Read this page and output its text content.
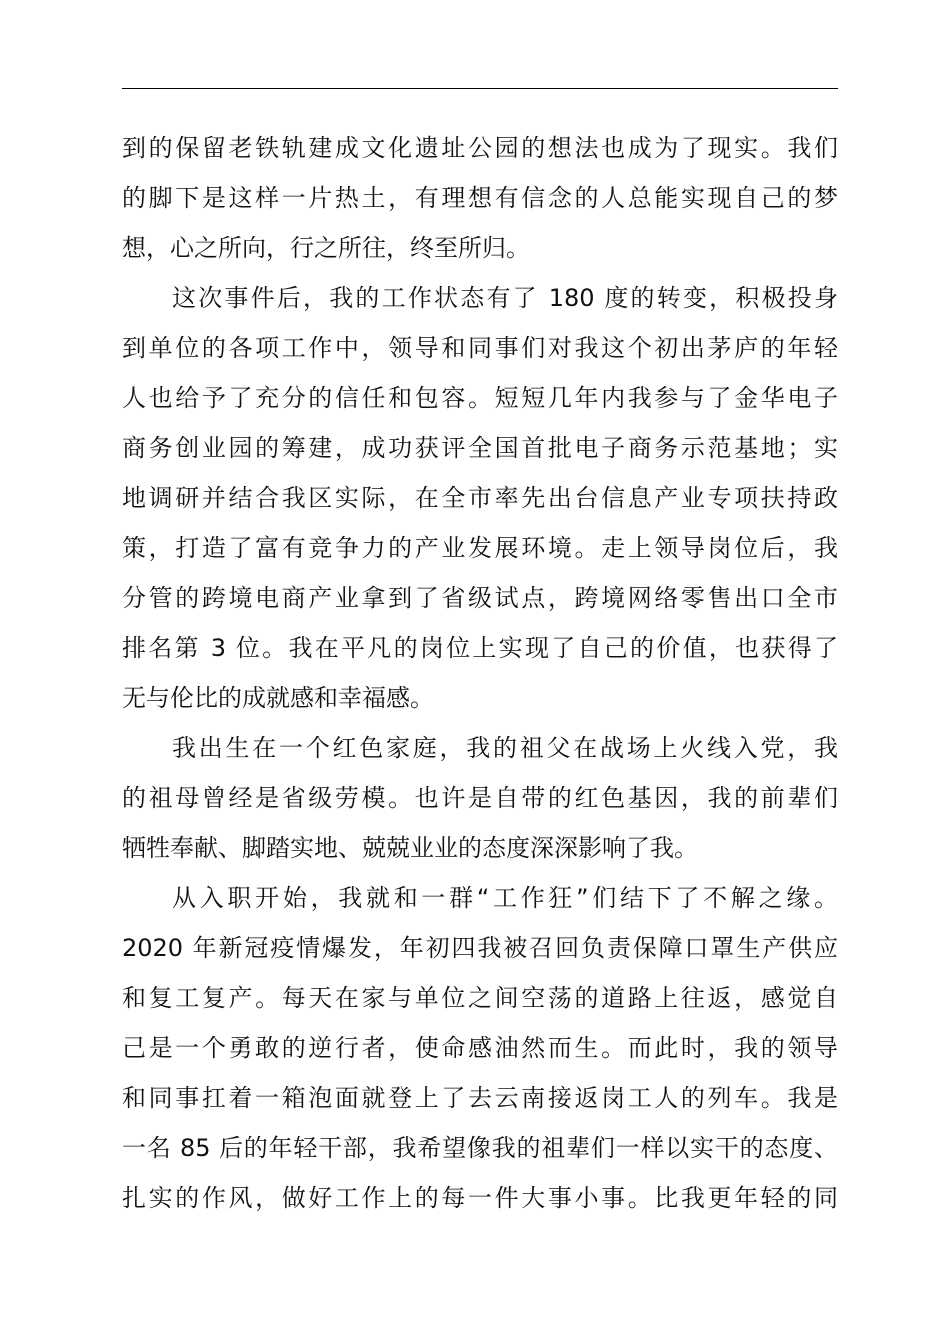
到的保留老铁轨建成文化遗址公园的想法也成为了现实。我们
的脚下是这样一片热土，有理想有信念的人总能实现自己的梦
想，心之所向，行之所往，终至所归。
这次事件后，我的工作状态有了 180 度的转变，积极投身
到单位的各项工作中，领导和同事们对我这个初出茅庐的年轻
人也给予了充分的信任和包容。短短几年内我参与了金华电子
商务创业园的筹建，成功获评全国首批电子商务示范基地；实
地调研并结合我区实际，在全市率先出台信息产业专项扶持政
策，打造了富有竞争力的产业发展环境。走上领导岗位后，我
分管的跨境电商产业拿到了省级试点，跨境网络零售出口全市
排名第 3 位。我在平凡的岗位上实现了自己的价值，也获得了
无与伦比的成就感和幸福感。
我出生在一个红色家庭，我的祖父在战场上火线入党，我
的祖母曾经是省级劳模。也许是自带的红色基因，我的前辈们
牺牲奉献、脚踏实地、兢兢业业的态度深深影响了我。
从入职开始，我就和一群“工作狂”们结下了不解之缘。
2020 年新冠疫情爆发，年初四我被召回负责保障口罩生产供应
和复工复产。每天在家与单位之间空荡的道路上往返，感觉自
己是一个勇敢的逆行者，使命感油然而生。而此时，我的领导
和同事扛着一箱泡面就登上了去云南接返岗工人的列车。我是
一名 85 后的年轻干部，我希望像我的祖辈们一样以实干的态度、
扎实的作风，做好工作上的每一件大事小事。比我更年轻的同
